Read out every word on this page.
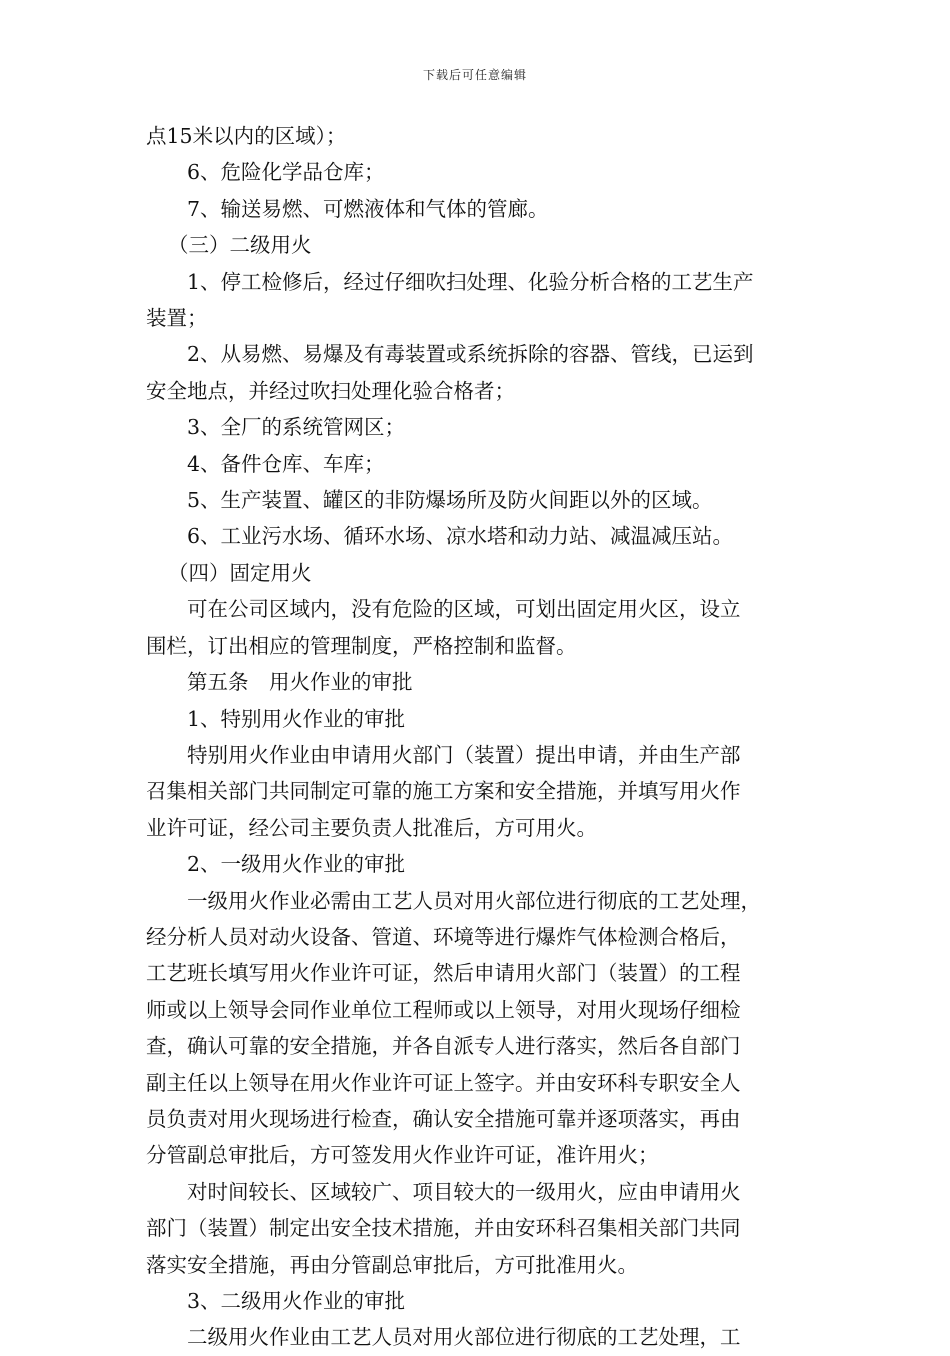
下载后可任意编辑

点15米以内的区域）；

6、危险化学品仓库；

7、输送易燃、可燃液体和气体的管廊。

（三）二级用火

1、停工检修后，经过仔细吹扫处理、化验分析合格的工艺生产

装置；

2、从易燃、易爆及有毒装置或系统拆除的容器、管线，已运到

安全地点，并经过吹扫处理化验合格者；

3、全厂的系统管网区；

4、备件仓库、车库；

5、生产装置、罐区的非防爆场所及防火间距以外的区域。

6、工业污水场、循环水场、凉水塔和动力站、减温减压站。

（四）固定用火

可在公司区域内，没有危险的区域，可划出固定用火区，设立

围栏，订出相应的管理制度，严格控制和监督。

第五条　用火作业的审批

1、特别用火作业的审批

特别用火作业由申请用火部门（装置）提出申请，并由生产部

召集相关部门共同制定可靠的施工方案和安全措施，并填写用火作

业许可证，经公司主要负责人批准后，方可用火。

2、一级用火作业的审批

一级用火作业必需由工艺人员对用火部位进行彻底的工艺处理，

经分析人员对动火设备、管道、环境等进行爆炸气体检测合格后，

工艺班长填写用火作业许可证，然后申请用火部门（装置）的工程

师或以上领导会同作业单位工程师或以上领导，对用火现场仔细检

查，确认可靠的安全措施，并各自派专人进行落实，然后各自部门

副主任以上领导在用火作业许可证上签字。并由安环科专职安全人

员负责对用火现场进行检查，确认安全措施可靠并逐项落实，再由

分管副总审批后，方可签发用火作业许可证，准许用火；

对时间较长、区域较广、项目较大的一级用火，应由申请用火

部门（装置）制定出安全技术措施，并由安环科召集相关部门共同

落实安全措施，再由分管副总审批后，方可批准用火。

3、二级用火作业的审批

二级用火作业由工艺人员对用火部位进行彻底的工艺处理，工
